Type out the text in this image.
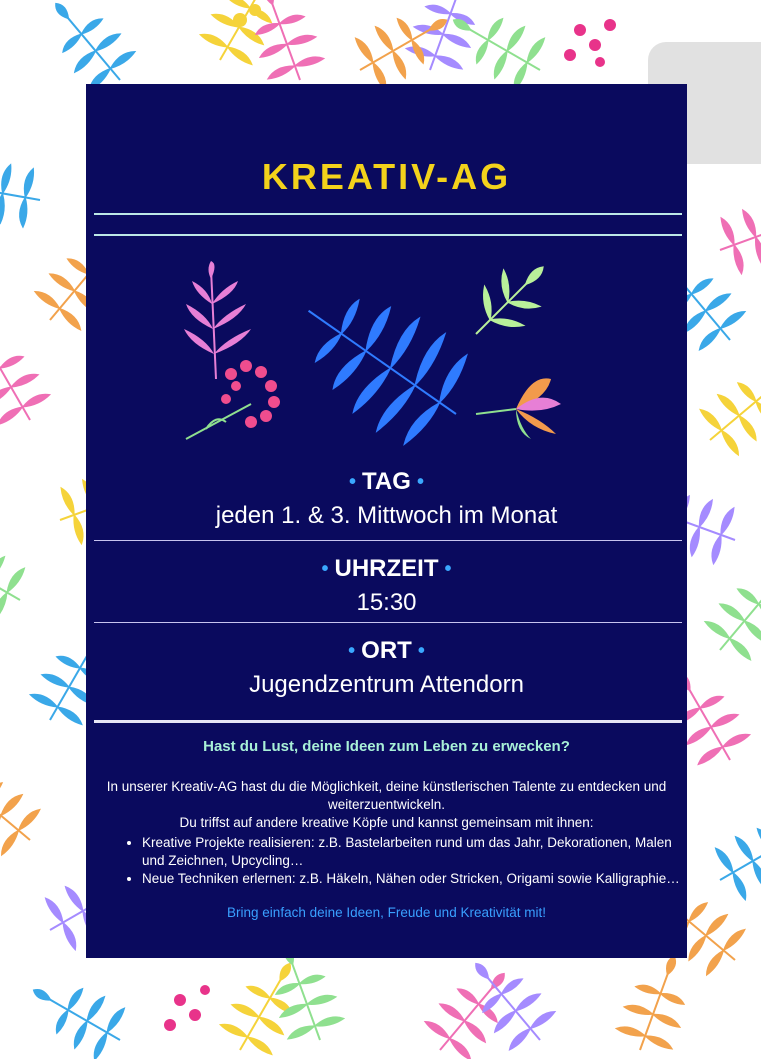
KREATIV-AG
• TAG •
jeden 1. & 3. Mittwoch im Monat
• UHRZEIT •
15:30
• ORT •
Jugendzentrum Attendorn
Hast du Lust, deine Ideen zum Leben zu erwecken?
In unserer Kreativ-AG hast du die Möglichkeit, deine künstlerischen Talente zu entdecken und weiterzuentwickeln.
Du triffst auf andere kreative Köpfe und kannst gemeinsam mit ihnen:
• Kreative Projekte realisieren: z.B. Bastelarbeiten rund um das Jahr, Dekorationen, Malen und Zeichnen, Upcycling…
• Neue Techniken erlernen: z.B. Häkeln, Nähen oder Stricken, Origami sowie Kalligraphie…
Bring einfach deine Ideen, Freude und Kreativität mit!
